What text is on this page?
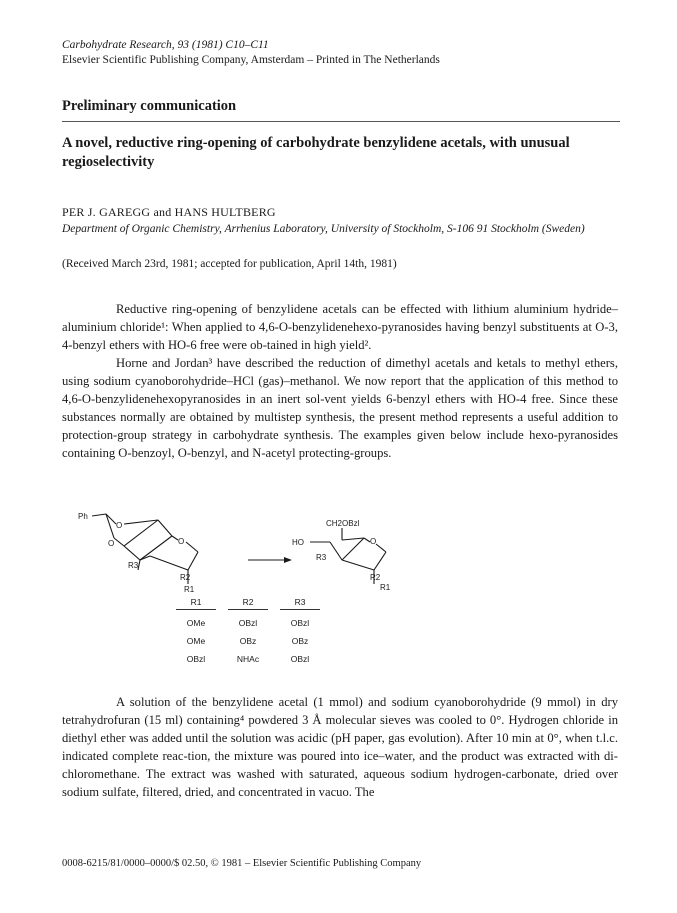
Carbohydrate Research, 93 (1981) C10–C11
Elsevier Scientific Publishing Company, Amsterdam – Printed in The Netherlands
Preliminary communication
A novel, reductive ring-opening of carbohydrate benzylidene acetals, with unusual regioselectivity
PER J. GAREGG and HANS HULTBERG
Department of Organic Chemistry, Arrhenius Laboratory, University of Stockholm, S-106 91 Stockholm (Sweden)
(Received March 23rd, 1981; accepted for publication, April 14th, 1981)

Reductive ring-opening of benzylidene acetals can be effected with lithium aluminium hydride–aluminium chloride¹: When applied to 4,6-O-benzylidenehexo-pyranosides having benzyl substituents at O-3, 4-benzyl ethers with HO-6 free were ob-tained in high yield².

Horne and Jordan³ have described the reduction of dimethyl acetals and ketals to methyl ethers, using sodium cyanoborohydride–HCl (gas)–methanol. We now report that the application of this method to 4,6-O-benzylidenehexopyranosides in an inert sol-vent yields 6-benzyl ethers with HO-4 free. Since these substances normally are obtained by multistep synthesis, the present method represents a useful addition to protection-group strategy in carbohydrate synthesis. The examples given below include hexo-pyranosides containing O-benzoyl, O-benzyl, and N-acetyl protecting-groups.

Ph
O
O	O
R3
R2
R1
CH2OBzl
HO	O
R3
R2
R1
R1
OMe
OMe
OBzl
R2
OBzl
OBz
NHAc
R3
OBzl
OBz
OBzl

A solution of the benzylidene acetal (1 mmol) and sodium cyanoborohydride (9 mmol) in dry tetrahydrofuran (15 ml) containing⁴ powdered 3 Å molecular sieves was cooled to 0°. Hydrogen chloride in diethyl ether was added until the solution was acidic (pH paper, gas evolution). After 10 min at 0°, when t.l.c. indicated complete reac-tion, the mixture was poured into ice–water, and the product was extracted with di-chloromethane. The extract was washed with saturated, aqueous sodium hydrogen-carbonate, dried over sodium sulfate, filtered, dried, and concentrated in vacuo. The

0008-6215/81/0000–0000/$ 02.50, © 1981 – Elsevier Scientific Publishing Company
